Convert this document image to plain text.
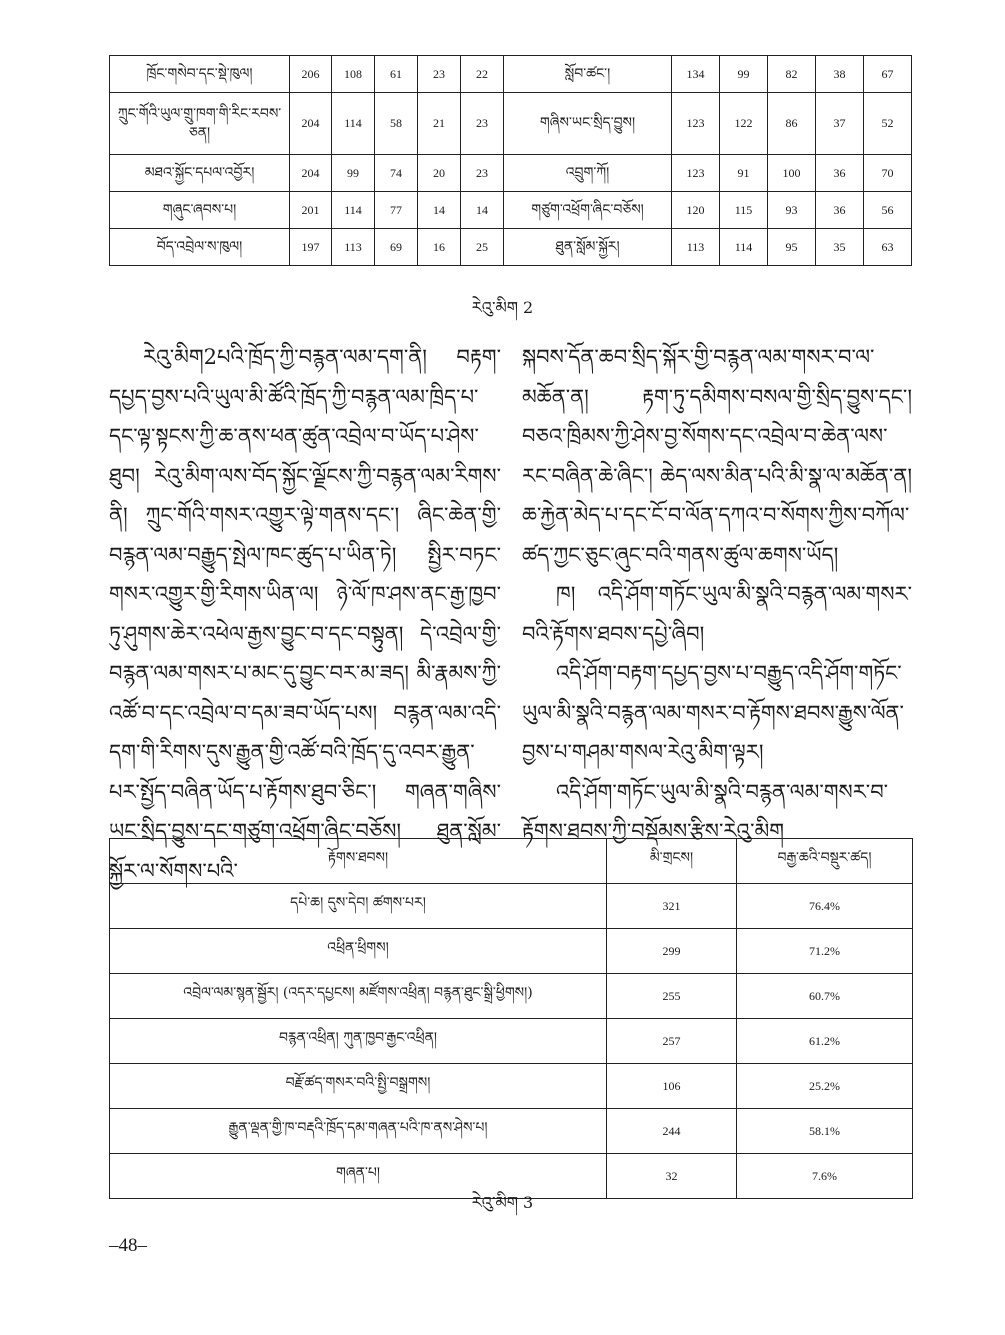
ཁྲོང་གསེབ་དང་སྡེ་ཁུལ།	206	108	61	23	22	སློབ་ཚང་།	134	99	82	38	67
ཀྲུང་གོའི་ཡུལ་གྲུ་ཁག་གི་རིང་རབས་ཅན།	204	114	58	21	23	གཞིས་ཡང་སྲིད་བྱུས།	123	122	86	37	52
མཐའ་སྐྱོང་དཔལ་འབྱོར།	204	99	74	20	23	འབྲུག་ཀོ།	123	91	100	36	70
གཞུང་ཞབས་པ།	201	114	77	14	14	གཙུག་འཕྲོག་ཞིང་བཅོས།	120	115	93	36	56
བོད་འབྲེལ་ས་ཁུལ།	197	113	69	16	25	ཐུན་སློམ་སྐྱོར།	113	114	95	35	63
རེའུ་མིག 2

རེའུ་མིག2པའི་ཁྲོད་ཀྱི་བརྙན་ལམ་དག་ནི། བརྟག་དཔྱད་བྱས་པའི་ཡུལ་མི་ཚོའི་ཁྲོད་ཀྱི་བརྙན་ལམ་ཁྲིད་པ་དང་ལྟ་སྟངས་ཀྱི་ཆ་ནས་ཕན་ཚུན་འབྲེལ་བ་ཡོད་པ་ཤེས་ཐུབ། རེའུ་མིག་ལས་བོད་སྐྱོང་ལྗོངས་ཀྱི་བརྙན་ལམ་རིགས་ནི། ཀྲུང་གོའི་གསར་འགྱུར་ལྟེ་གནས་དང་། ཞིང་ཆེན་གྱི་བརྙན་ལམ་བརྒྱུད་སྤེལ་ཁང་ཚུད་པ་ཡིན་ཏེ། སྤྱིར་བཏང་གསར་འགྱུར་གྱི་རིགས་ཡིན་ལ། ཉེ་ལོ་ཁ་ཤས་ནང་རྒྱ་ཁྱབ་ཏུ་ཤུགས་ཆེར་འཕེལ་རྒྱས་བྱུང་བ་དང་བསྟུན། དེ་འབྲེལ་གྱི་བརྙན་ལམ་གསར་པ་མང་དུ་བྱུང་བར་མ་ཟད། མི་རྣམས་ཀྱི་འཚོ་བ་དང་འབྲེལ་བ་དམ་ཟབ་ཡོད་པས། བརྙན་ལམ་འདི་དག་གི་རིགས་དུས་རྒྱུན་གྱི་འཚོ་བའི་ཁྲོད་དུ་འབར་རྒྱུན་པར་སྤྱོད་བཞིན་ཡོད་པ་རྟོགས་ཐུབ་ཅིང་། གཞན་གཞིས་ཡང་སྲིད་བྱུས་དང་གཙུག་འཕྲོག་ཞིང་བཅོས། ཐུན་སློམ་སྐྱོར་ལ་སོགས་པའི་

སྐབས་དོན་ཆབ་སྲིད་སྐོར་གྱི་བརྙན་ལམ་གསར་བ་ལ་མཆོན་ན། རྟག་ཏུ་དམིགས་བསལ་གྱི་སྲིད་བྱུས་དང་། བཅའ་ཁྲིམས་ཀྱི་ཤེས་བྱ་སོགས་དང་འབྲེལ་བ་ཆེན་ལས་རང་བཞིན་ཆེ་ཞིང་། ཆེད་ལས་མིན་པའི་མི་སྣ་ལ་མཆོན་ན། ཆ་རྐྱེན་མེད་པ་དང་ངོ་བ་ལོན་དཀའ་བ་སོགས་ཀྱིས་བཀོལ་ཚད་ཀྱང་ཅུང་ཞུང་བའི་གནས་ཚུལ་ཆགས་ཡོད།

ཁ། འདི་ཤོག་གཏོང་ཡུལ་མི་སྣའི་བརྙན་ལམ་གསར་བའི་རྟོགས་ཐབས་དཔྱེ་ཞིབ།

འདི་ཤོག་བརྟག་དཔྱད་བྱས་པ་བརྒྱུད་འདི་ཤོག་གཏོང་ཡུལ་མི་སྣའི་བརྙན་ལམ་གསར་བ་རྟོགས་ཐབས་རྒྱུས་ལོན་བྱས་པ་གཤམ་གསལ་རེའུ་མིག་ལྟར།

འདི་ཤོག་གཏོང་ཡུལ་མི་སྣའི་བརྙན་ལམ་གསར་བ་རྟོགས་ཐབས་ཀྱི་བསྡོམས་རྩིས་རེའུ་མིག

རྟོགས་ཐབས།	མི་གྲངས།	བརྒྱ་ཆའི་བསྡུར་ཚད།
དཔེ་ཆ། དུས་དེབ། ཚགས་པར།	321	76.4%
འཕྲིན་ཕྲིགས།	299	71.2%
འབྲེལ་ལམ་སྙན་སྦྱོར། (འདར་དཔྱངས། མཛོགས་འཕྲིན། བརྙན་ཐུང་སྒྲི་ཕྱིགས།)	255	60.7%
བརྙན་འཕྲིན། ཀུན་ཁྱབ་རྒྱང་འཕྲིན།	257	61.2%
བརྗོ་ཚད་གསར་བའི་སྤྱི་བསྒྲགས།	106	25.2%
རྒྱུན་ལྡན་གྱི་ཁ་བརྡའི་ཁྲོད་དམ་གཞན་པའི་ཁ་ནས་ཤེས་པ།	244	58.1%
གཞན་པ།	32	7.6%
རེའུ་མིག 3
–48–
